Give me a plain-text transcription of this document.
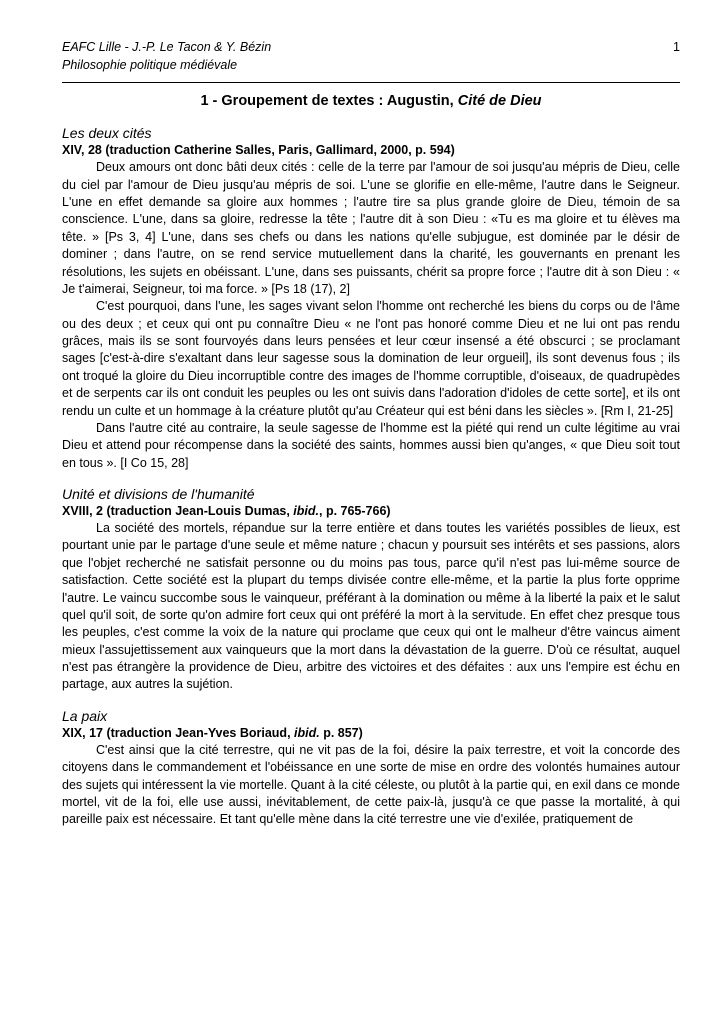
EAFC Lille - J.-P. Le Tacon & Y. Bézin
Philosophie politique médiévale
1
1 - Groupement de textes : Augustin, Cité de Dieu
Les deux cités
XIV, 28 (traduction Catherine Salles, Paris, Gallimard, 2000, p. 594)

Deux amours ont donc bâti deux cités : celle de la terre par l'amour de soi jusqu'au mépris de Dieu, celle du ciel par l'amour de Dieu jusqu'au mépris de soi. L'une se glorifie en elle-même, l'autre dans le Seigneur. L'une en effet demande sa gloire aux hommes ; l'autre tire sa plus grande gloire de Dieu, témoin de sa conscience. L'une, dans sa gloire, redresse la tête ; l'autre dit à son Dieu : «Tu es ma gloire et tu élèves ma tête. » [Ps 3, 4] L'une, dans ses chefs ou dans les nations qu'elle subjugue, est dominée par le désir de dominer ; dans l'autre, on se rend service mutuellement dans la charité, les gouvernants en prenant les résolutions, les sujets en obéissant. L'une, dans ses puissants, chérit sa propre force ; l'autre dit à son Dieu : « Je t'aimerai, Seigneur, toi ma force. » [Ps 18 (17), 2]

C'est pourquoi, dans l'une, les sages vivant selon l'homme ont recherché les biens du corps ou de l'âme ou des deux ; et ceux qui ont pu connaître Dieu « ne l'ont pas honoré comme Dieu et ne lui ont pas rendu grâces, mais ils se sont fourvoyés dans leurs pensées et leur cœur insensé a été obscurci ; se proclamant sages [c'est-à-dire s'exaltant dans leur sagesse sous la domination de leur orgueil], ils sont devenus fous ; ils ont troqué la gloire du Dieu incorruptible contre des images de l'homme corruptible, d'oiseaux, de quadrupèdes et de serpents car ils ont conduit les peuples ou les ont suivis dans l'adoration d'idoles de cette sorte], et ils ont rendu un culte et un hommage à la créature plutôt qu'au Créateur qui est béni dans les siècles ». [Rm I, 21-25]

Dans l'autre cité au contraire, la seule sagesse de l'homme est la piété qui rend un culte légitime au vrai Dieu et attend pour récompense dans la société des saints, hommes aussi bien qu'anges, « que Dieu soit tout en tous ». [I Co 15, 28]

Unité et divisions de l'humanité
XVIII, 2 (traduction Jean-Louis Dumas, ibid., p. 765-766)

La société des mortels, répandue sur la terre entière et dans toutes les variétés possibles de lieux, est pourtant unie par le partage d'une seule et même nature ; chacun y poursuit ses intérêts et ses passions, alors que l'objet recherché ne satisfait personne ou du moins pas tous, parce qu'il n'est pas lui-même source de satisfaction. Cette société est la plupart du temps divisée contre elle-même, et la partie la plus forte opprime l'autre. Le vaincu succombe sous le vainqueur, préférant à la domination ou même à la liberté la paix et le salut quel qu'il soit, de sorte qu'on admire fort ceux qui ont préféré la mort à la servitude. En effet chez presque tous les peuples, c'est comme la voix de la nature qui proclame que ceux qui ont le malheur d'être vaincus aiment mieux l'assujettissement aux vainqueurs que la mort dans la dévastation de la guerre. D'où ce résultat, auquel n'est pas étrangère la providence de Dieu, arbitre des victoires et des défaites : aux uns l'empire est échu en partage, aux autres la sujétion.

La paix
XIX, 17 (traduction Jean-Yves Boriaud, ibid. p. 857)

C'est ainsi que la cité terrestre, qui ne vit pas de la foi, désire la paix terrestre, et voit la concorde des citoyens dans le commandement et l'obéissance en une sorte de mise en ordre des volontés humaines autour des sujets qui intéressent la vie mortelle. Quant à la cité céleste, ou plutôt à la partie qui, en exil dans ce monde mortel, vit de la foi, elle use aussi, inévitablement, de cette paix-là, jusqu'à ce que passe la mortalité, à qui pareille paix est nécessaire. Et tant qu'elle mène dans la cité terrestre une vie d'exilée, pratiquement de
